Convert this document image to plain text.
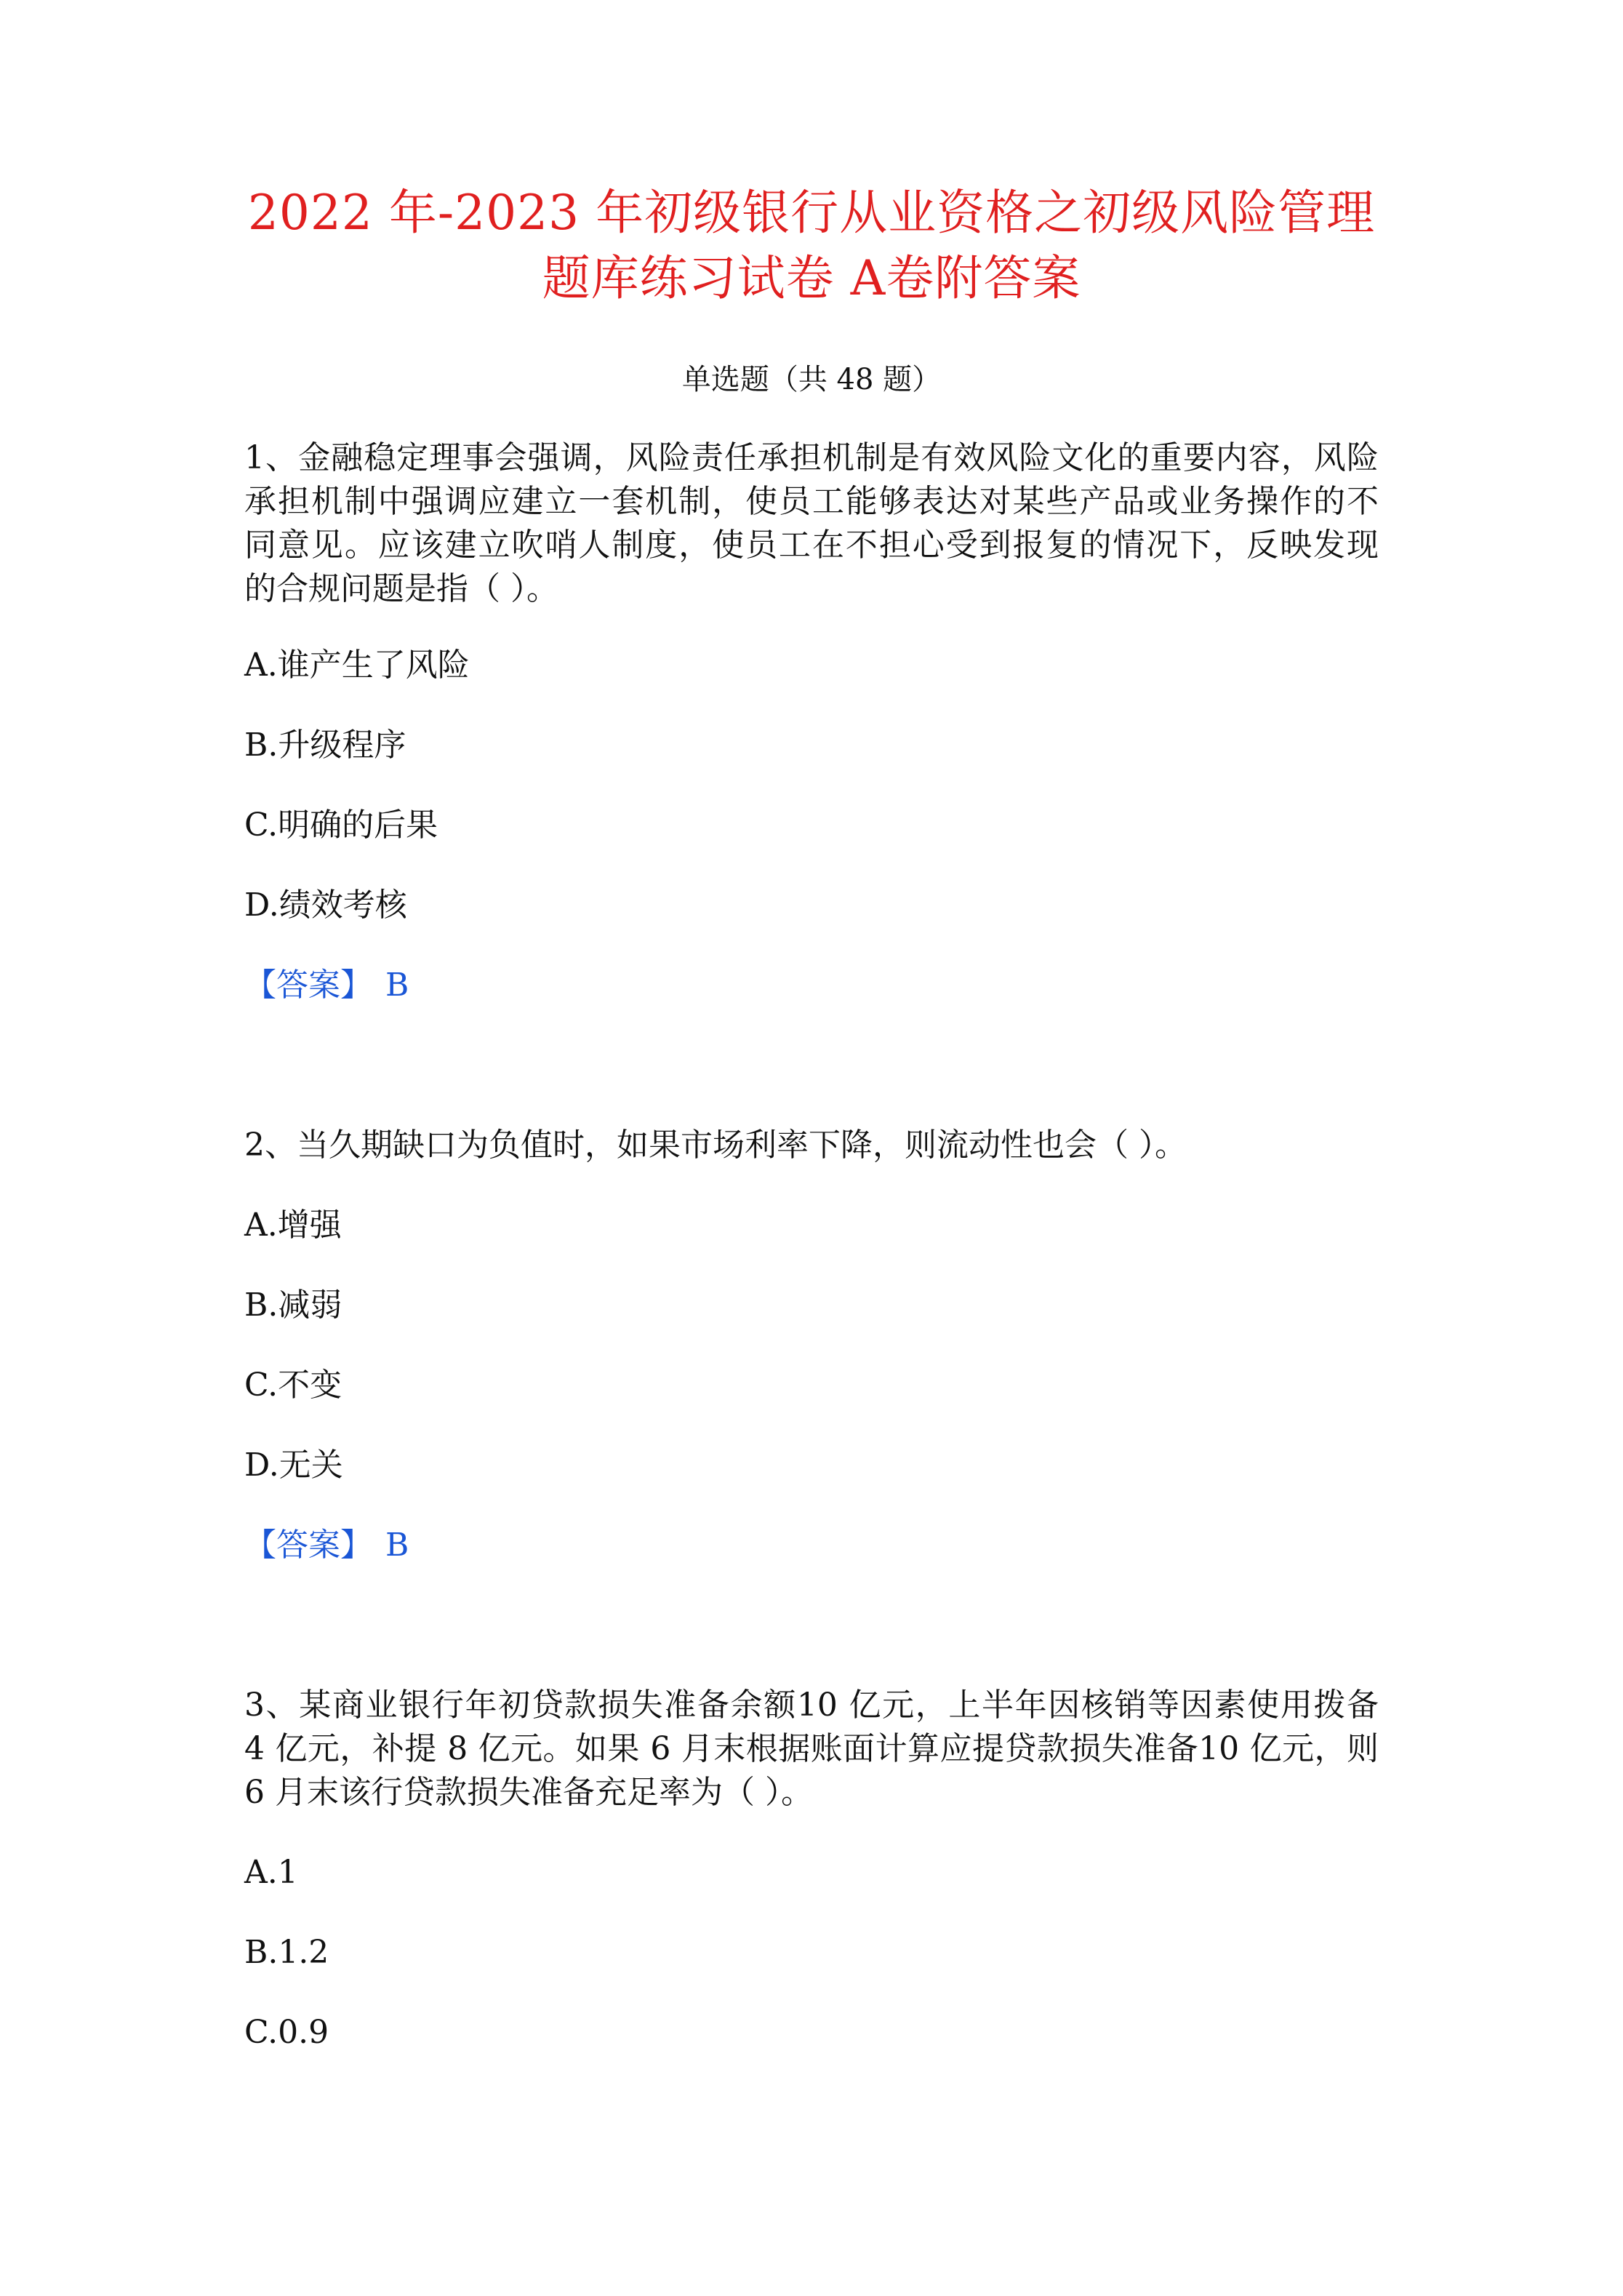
2022 年-2023 年初级银行从业资格之初级风险管理
题库练习试卷 A卷附答案
单选题（共 48 题）
1、金融稳定理事会强调，风险责任承担机制是有效风险文化的重要内容，风险
承担机制中强调应建立一套机制，使员工能够表达对某些产品或业务操作的不
同意见。应该建立吹哨人制度，使员工在不担心受到报复的情况下，反映发现
的合规问题是指（ ）。
A.谁产生了风险
B.升级程序
C.明确的后果
D.绩效考核
【答案】 B
2、当久期缺口为负值时，如果市场利率下降，则流动性也会（ ）。
A.增强
B.减弱
C.不变
D.无关
【答案】 B
3、某商业银行年初贷款损失准备余额10 亿元，上半年因核销等因素使用拨备
4 亿元，补提 8 亿元。如果 6 月末根据账面计算应提贷款损失准备10 亿元，则
6 月末该行贷款损失准备充足率为（ ）。
A.1
B.1.2
C.0.9
